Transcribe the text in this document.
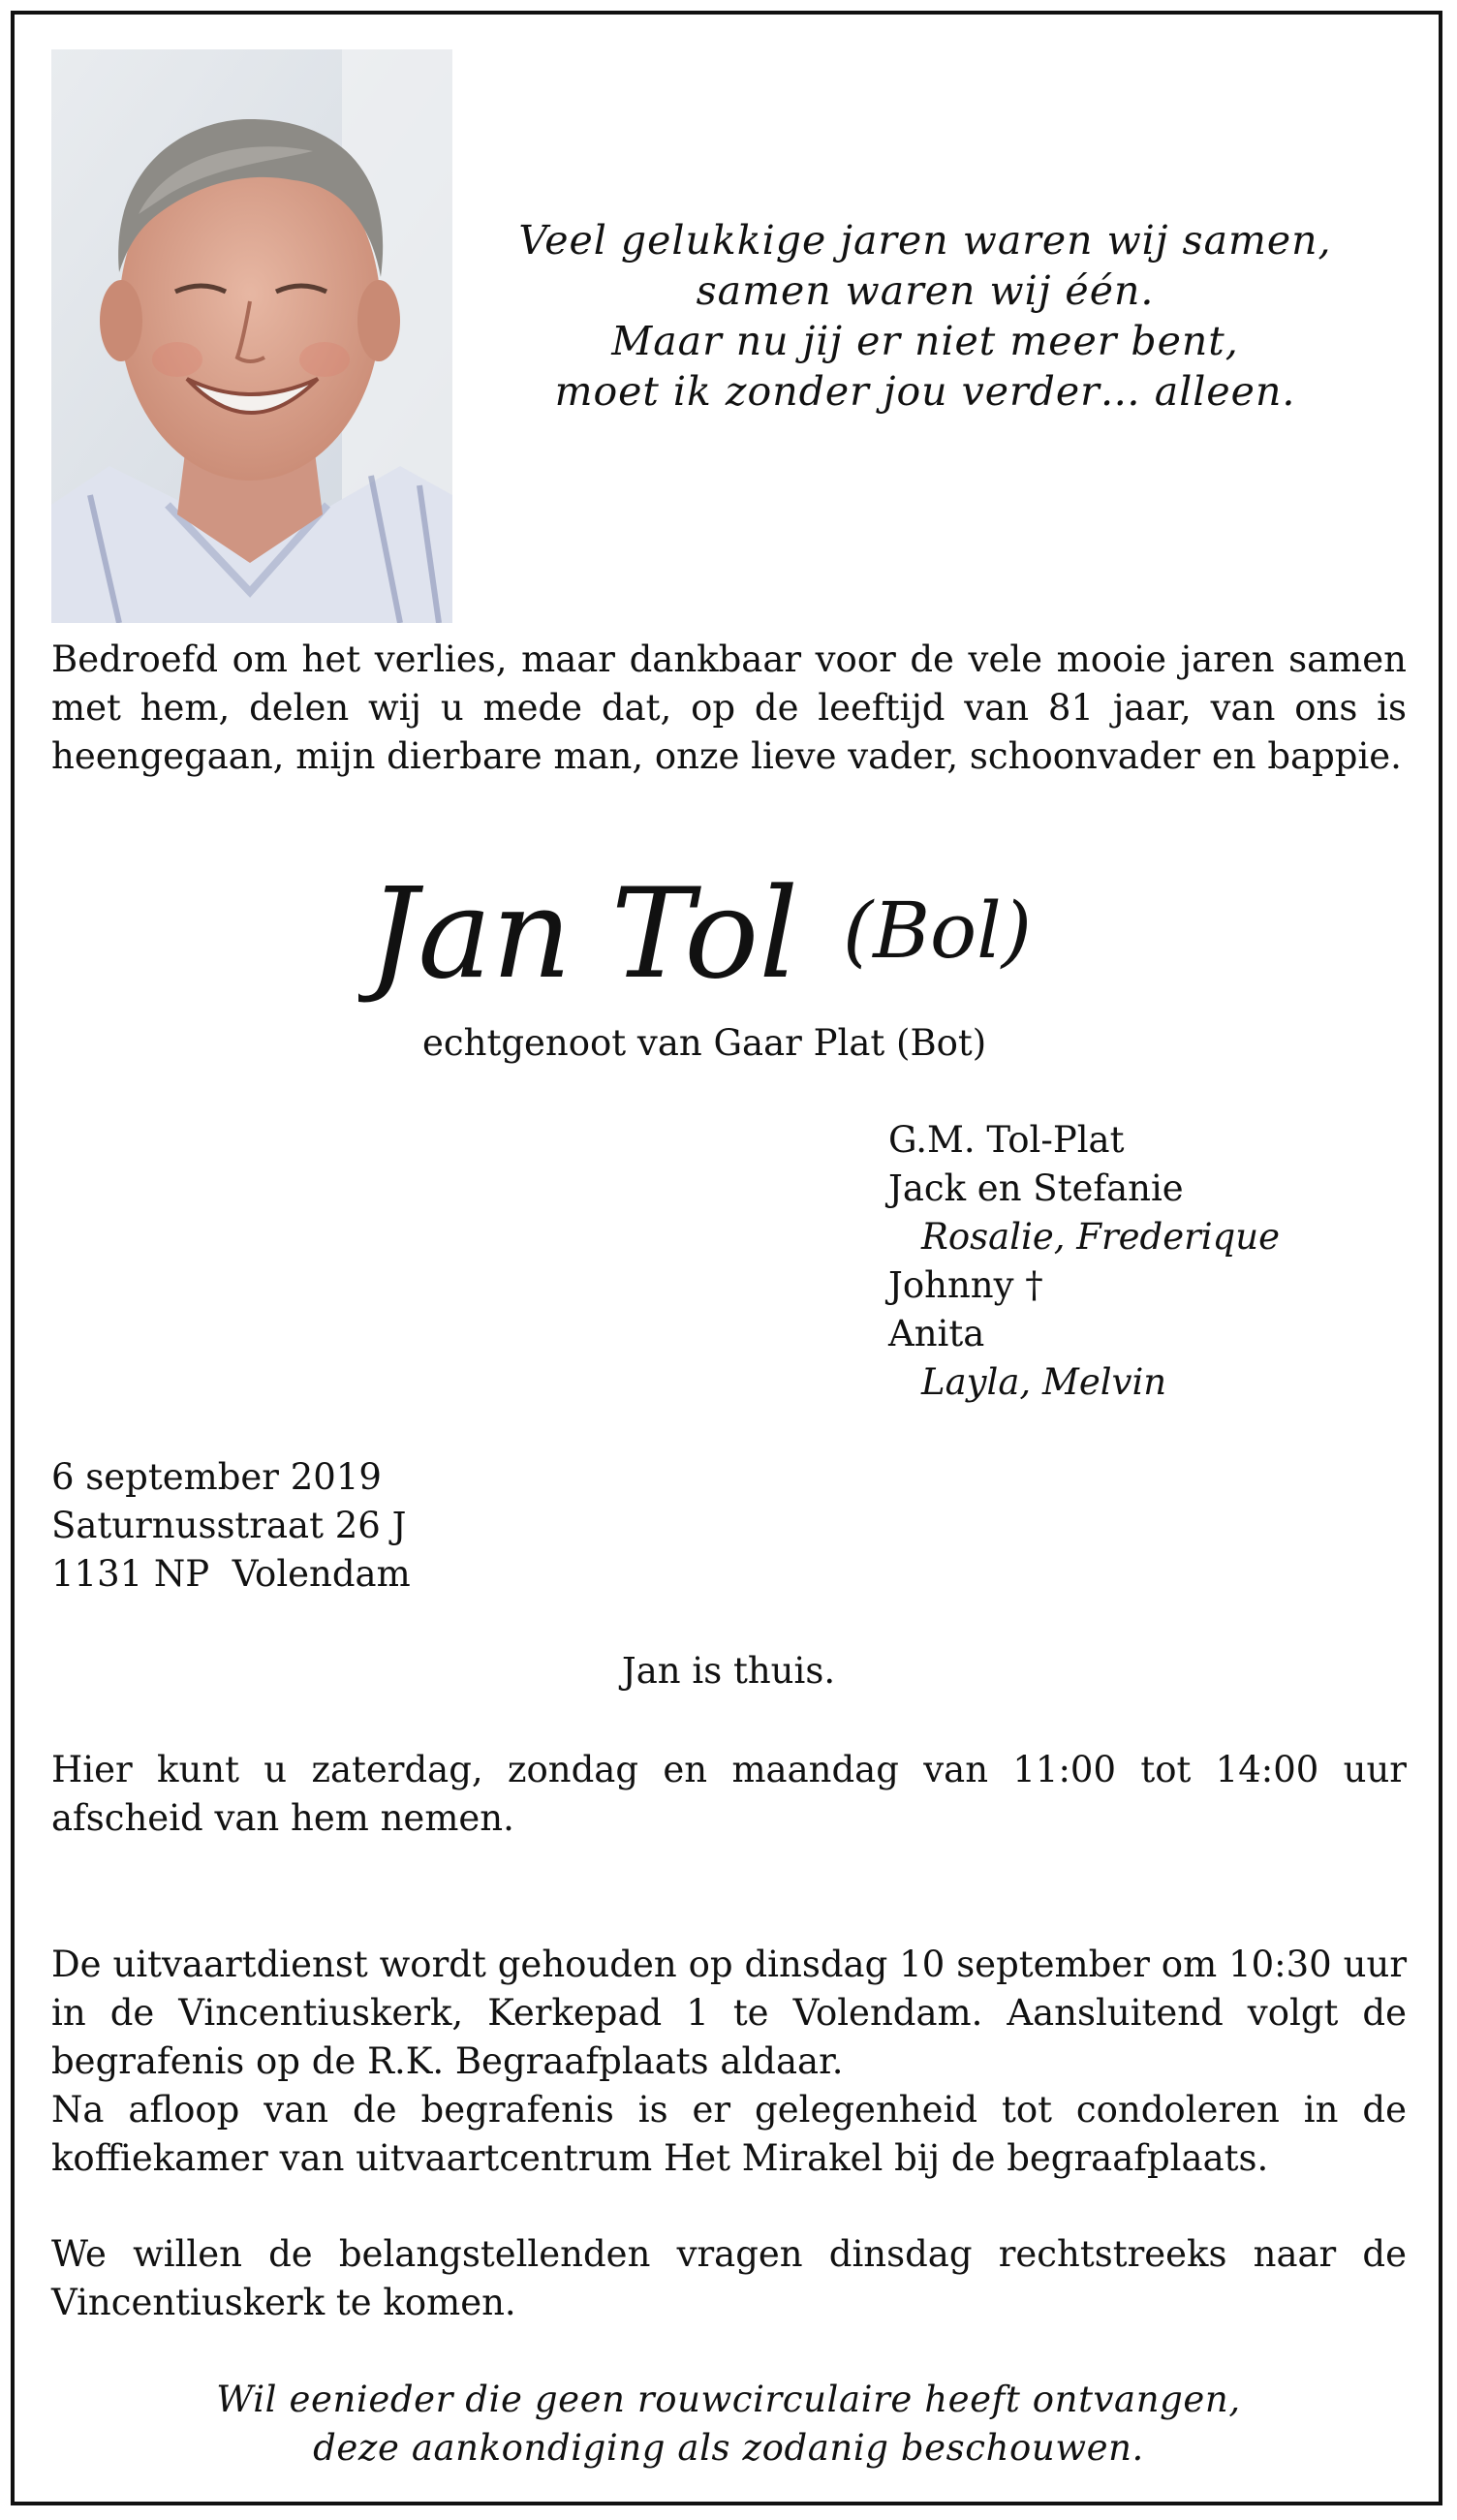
Veel gelukkige jaren waren wij samen,
samen waren wij één.
Maar nu jij er niet meer bent,
moet ik zonder jou verder… alleen.
Bedroefd om het verlies, maar dankbaar voor de vele mooie jaren samen met hem, delen wij u mede dat, op de leeftijd van 81 jaar, van ons is heengegaan, mijn dierbare man, onze lieve vader, schoonvader en bappie.
Jan Tol (Bol)
echtgenoot van Gaar Plat (Bot)
G.M. Tol-Plat
Jack en Stefanie
Rosalie, Frederique
Johnny †
Anita
Layla, Melvin
6 september 2019
Saturnusstraat 26 J
1131 NP  Volendam
Jan is thuis.
Hier kunt u zaterdag, zondag en maandag van 11:00 tot 14:00 uur afscheid van hem nemen.
De uitvaartdienst wordt gehouden op dinsdag 10 september om 10:30 uur in de Vincentiuskerk, Kerkepad 1 te Volendam. Aansluitend volgt de begrafenis op de R.K. Begraafplaats aldaar.
Na afloop van de begrafenis is er gelegenheid tot condoleren in de koffiekamer van uitvaartcentrum Het Mirakel bij de begraafplaats.
We willen de belangstellenden vragen dinsdag rechtstreeks naar de Vincentiuskerk te komen.
Wil eenieder die geen rouwcirculaire heeft ontvangen,
deze aankondiging als zodanig beschouwen.
